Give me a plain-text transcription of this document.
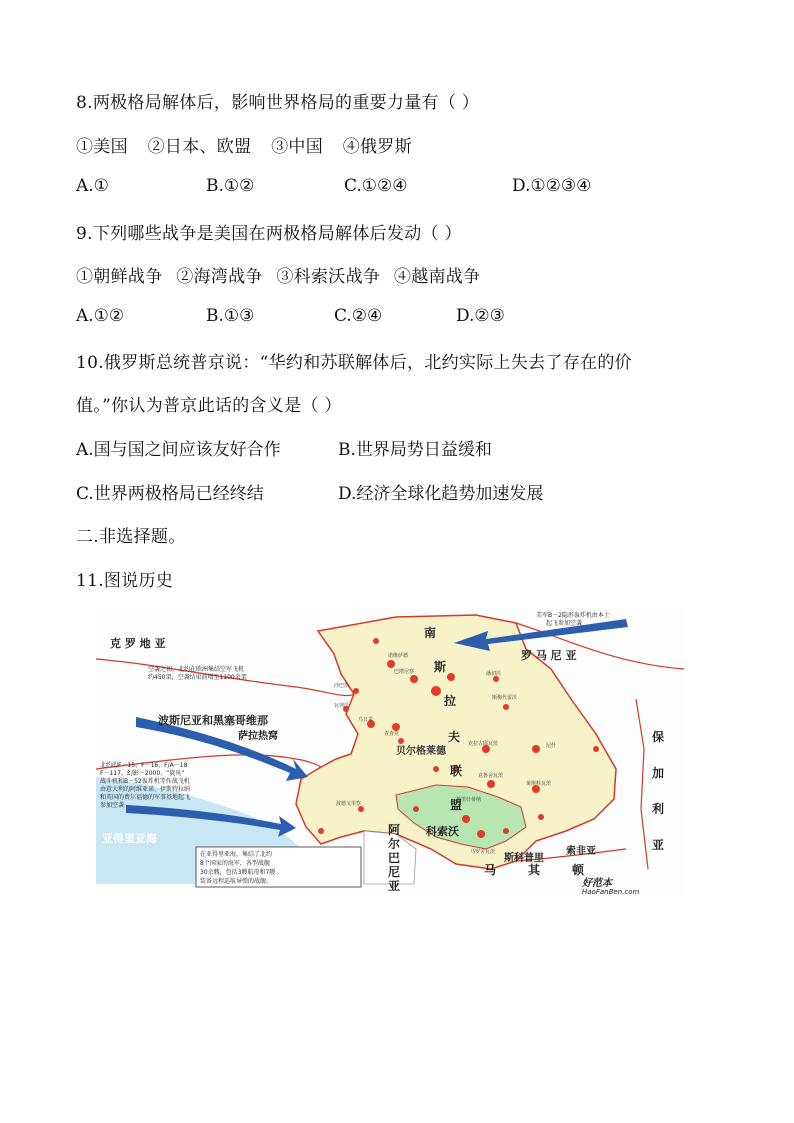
8.两极格局解体后，影响世界格局的重要力量有（ ）
①美国 ②日本、欧盟 ③中国 ④俄罗斯
A.①	B.①②	C.①②④	D.①②③④
9.下列哪些战争是美国在两极格局解体后发动（ ）
①朝鲜战争 ②海湾战争 ③科索沃战争 ④越南战争
A.①②	B.①③	C.②④	D.②③
10.俄罗斯总统普京说：“华约和苏联解体后，北约实际上失去了存在的价
值。”你认为普京此话的含义是（ ）
A.国与国之间应该友好合作	B.世界局势日益缓和
C.世界两极格局已经终结	D.经济全球化趋势加速发展
二.非选择题。
11.图说历史
克 罗 地 亚
罗 马 尼 亚
波斯尼亚和黑塞哥维那
萨拉热窝
索非亚
斯科普里
贝尔格莱德
科索沃
亚得里亚海
南
斯
拉
夫
联
盟
保
加
利
亚
阿
尔
巴
尼
亚
马	其	顿
美军B－2隐形轰炸机由本土
起飞参加空袭
空袭之初，北约在欧洲集结空军飞机
约450架，空袭结束前增至1100余架
北约的F－15、F－16、F/A－18
F－117、幻影－2000、“旋风”
战斗机和B－52轰炸机等作战飞机
由意大利的阿维亚诺、伊斯特拉纳
和英国的费尔福德的军事基地起飞
参加空袭
在亚得里亚海，集结了北约
8个国家的海军，各型战舰
30余艘，包括3艘航母和7艘
装备远程巡航导弹的战舰。
诺维萨德
巴塔尼察	潘切沃
斯梅代雷沃
沙巴茨
瓦列沃
乌日采
查查克
克拉古耶瓦茨
克鲁舍瓦茨
尼什
普里什蒂纳
波德戈里察
莱斯科瓦茨
马罗舍瓦茨
好范本
HaoFanBen.com
